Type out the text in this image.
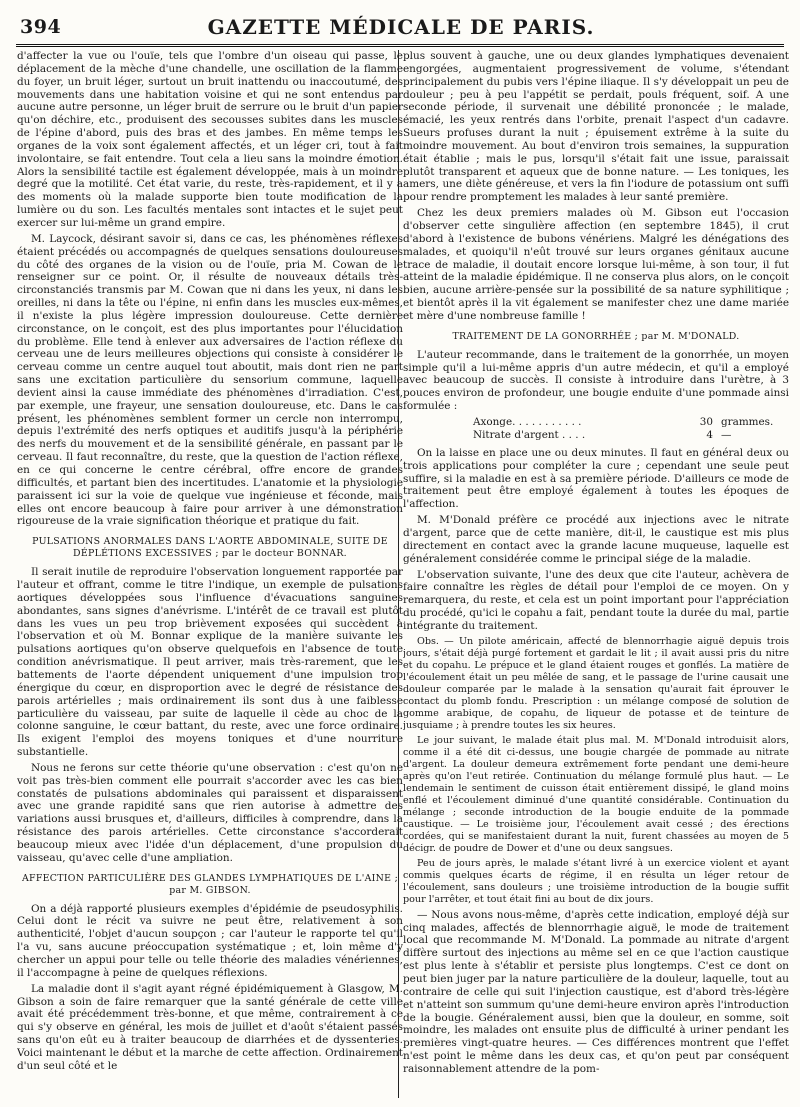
394	GAZETTE MÉDICALE DE PARIS.

d'affecter la vue ou l'ouïe, tels que l'ombre d'un oiseau qui passe, le déplacement de la mèche d'une chandelle, une oscillation de la flamme du foyer, un bruit léger, surtout un bruit inattendu ou inaccoutumé, des mouvements dans une habitation voisine et qui ne sont entendus par aucune autre personne, un léger bruit de serrure ou le bruit d'un papier qu'on déchire, etc., produisent des secousses subites dans les muscles de l'épine d'abord, puis des bras et des jambes. En même temps les organes de la voix sont également affectés, et un léger cri, tout à fait involontaire, se fait entendre. Tout cela a lieu sans la moindre émotion. Alors la sensibilité tactile est également développée, mais à un moindre degré que la motilité. Cet état varie, du reste, très-rapidement, et il y a des moments où la malade supporte bien toute modification de la lumière ou du son. Les facultés mentales sont intactes et le sujet peut exercer sur lui-même un grand empire.

M. Laycock, désirant savoir si, dans ce cas, les phénomènes réflexes étaient précédés ou accompagnés de quelques sensations douloureuses du côté des organes de la vision ou de l'ouïe, pria M. Cowan de le renseigner sur ce point. Or, il résulte de nouveaux détails très-circonstanciés transmis par M. Cowan que ni dans les yeux, ni dans les oreilles, ni dans la tête ou l'épine, ni enfin dans les muscles eux-mêmes, il n'existe la plus légère impression douloureuse. Cette dernière circonstance, on le conçoit, est des plus importantes pour l'élucidation du problème. Elle tend à enlever aux adversaires de l'action réflexe du cerveau une de leurs meilleures objections qui consiste à considérer le cerveau comme un centre auquel tout aboutit, mais dont rien ne part sans une excitation particulière du sensorium commune, laquelle devient ainsi la cause immédiate des phénomènes d'irradiation. C'est, par exemple, une frayeur, une sensation douloureuse, etc. Dans le cas présent, les phénomènes semblent former un cercle non interrompu, depuis l'extrémité des nerfs optiques et auditifs jusqu'à la périphérie des nerfs du mouvement et de la sensibilité générale, en passant par le cerveau. Il faut reconnaître, du reste, que la question de l'action réflexe, en ce qui concerne le centre cérébral, offre encore de grandes difficultés, et partant bien des incertitudes. L'anatomie et la physiologie paraissent ici sur la voie de quelque vue ingénieuse et féconde, mais elles ont encore beaucoup à faire pour arriver à une démonstration rigoureuse de la vraie signification théorique et pratique du fait.

PULSATIONS ANORMALES DANS L'AORTE ABDOMINALE, SUITE DE DÉPLÉTIONS EXCESSIVES ; par le docteur BONNAR.

Il serait inutile de reproduire l'observation longuement rapportée par l'auteur et offrant, comme le titre l'indique, un exemple de pulsations aortiques développées sous l'influence d'évacuations sanguines abondantes, sans signes d'anévrisme. L'intérêt de ce travail est plutôt dans les vues un peu trop brièvement exposées qui succèdent à l'observation et où M. Bonnar explique de la manière suivante les pulsations aortiques qu'on observe quelquefois en l'absence de toute condition anévrismatique. Il peut arriver, mais très-rarement, que les battements de l'aorte dépendent uniquement d'une impulsion trop énergique du cœur, en disproportion avec le degré de résistance des parois artérielles ; mais ordinairement ils sont dus à une faiblesse particulière du vaisseau, par suite de laquelle il cède au choc de la colonne sanguine, le cœur battant, du reste, avec une force ordinaire. Ils exigent l'emploi des moyens toniques et d'une nourriture substantielle.

Nous ne ferons sur cette théorie qu'une observation : c'est qu'on ne voit pas très-bien comment elle pourrait s'accorder avec les cas bien constatés de pulsations abdominales qui paraissent et disparaissent avec une grande rapidité sans que rien autorise à admettre des variations aussi brusques et, d'ailleurs, difficiles à comprendre, dans la résistance des parois artérielles. Cette circonstance s'accorderait beaucoup mieux avec l'idée d'un déplacement, d'une propulsion du vaisseau, qu'avec celle d'une ampliation.

AFFECTION PARTICULIÈRE DES GLANDES LYMPHATIQUES DE L'AINE ; par M. GIBSON.

On a déjà rapporté plusieurs exemples d'épidémie de pseudosyphilis. Celui dont le récit va suivre ne peut être, relativement à son authenticité, l'objet d'aucun soupçon ; car l'auteur le rapporte tel qu'il l'a vu, sans aucune préoccupation systématique ; et, loin même d'y chercher un appui pour telle ou telle théorie des maladies vénériennes, il l'accompagne à peine de quelques réflexions.

La maladie dont il s'agit ayant régné épidémiquement à Glasgow, M. Gibson a soin de faire remarquer que la santé générale de cette ville avait été précédemment très-bonne, et que même, contrairement à ce qui s'y observe en général, les mois de juillet et d'août s'étaient passés sans qu'on eût eu à traiter beaucoup de diarrhées et de dyssenteries. Voici maintenant le début et la marche de cette affection. Ordinairement d'un seul côté et le

plus souvent à gauche, une ou deux glandes lymphatiques devenaient engorgées, augmentaient progressivement de volume, s'étendant principalement du pubis vers l'épine iliaque. Il s'y développait un peu de douleur ; peu à peu l'appétit se perdait, pouls fréquent, soif. A une seconde période, il survenait une débilité prononcée ; le malade, émacié, les yeux rentrés dans l'orbite, prenait l'aspect d'un cadavre. Sueurs profuses durant la nuit ; épuisement extrême à la suite du moindre mouvement. Au bout d'environ trois semaines, la suppuration était établie ; mais le pus, lorsqu'il s'était fait une issue, paraissait plutôt transparent et aqueux que de bonne nature. — Les toniques, les amers, une diète généreuse, et vers la fin l'iodure de potassium ont suffi pour rendre promptement les malades à leur santé première.

Chez les deux premiers malades où M. Gibson eut l'occasion d'observer cette singulière affection (en septembre 1845), il crut d'abord à l'existence de bubons vénériens. Malgré les dénégations des malades, et quoiqu'il n'eût trouvé sur leurs organes génitaux aucune trace de maladie, il doutait encore lorsque lui-même, à son tour, il fut atteint de la maladie épidémique. Il ne conserva plus alors, on le conçoit bien, aucune arrière-pensée sur la possibilité de sa nature syphilitique ; et bientôt après il la vit également se manifester chez une dame mariée et mère d'une nombreuse famille !

TRAITEMENT DE LA GONORRHÉE ; par M. M'DONALD.

L'auteur recommande, dans le traitement de la gonorrhée, un moyen simple qu'il a lui-même appris d'un autre médecin, et qu'il a employé avec beaucoup de succès. Il consiste à introduire dans l'urètre, à 3 pouces environ de profondeur, une bougie enduite d'une pommade ainsi formulée :

Axonge. . . . . . . . . . .	30 grammes.
Nitrate d'argent . . . .	4 —

On la laisse en place une ou deux minutes. Il faut en général deux ou trois applications pour compléter la cure ; cependant une seule peut suffire, si la maladie en est à sa première période. D'ailleurs ce mode de traitement peut être employé également à toutes les époques de l'affection.

M. M'Donald préfère ce procédé aux injections avec le nitrate d'argent, parce que de cette manière, dit-il, le caustique est mis plus directement en contact avec la grande lacune muqueuse, laquelle est généralement considérée comme le principal siége de la maladie.

L'observation suivante, l'une des deux que cite l'auteur, achèvera de faire connaître les règles de détail pour l'emploi de ce moyen. On y remarquera, du reste, et cela est un point important pour l'appréciation du procédé, qu'ici le copahu a fait, pendant toute la durée du mal, partie intégrante du traitement.

Obs. — Un pilote américain, affecté de blennorrhagie aiguë depuis trois jours, s'était déjà purgé fortement et gardait le lit ; il avait aussi pris du nitre et du copahu. Le prépuce et le gland étaient rouges et gonflés. La matière de l'écoulement était un peu mêlée de sang, et le passage de l'urine causait une douleur comparée par le malade à la sensation qu'aurait fait éprouver le contact du plomb fondu. Prescription : un mélange composé de solution de gomme arabique, de copahu, de liqueur de potasse et de teinture de jusquiame ; à prendre toutes les six heures.

Le jour suivant, le malade était plus mal. M. M'Donald introduisit alors, comme il a été dit ci-dessus, une bougie chargée de pommade au nitrate d'argent. La douleur demeura extrêmement forte pendant une demi-heure après qu'on l'eut retirée. Continuation du mélange formulé plus haut. — Le lendemain le sentiment de cuisson était entièrement dissipé, le gland moins enflé et l'écoulement diminué d'une quantité considérable. Continuation du mélange ; seconde introduction de la bougie enduite de la pommade caustique. — Le troisième jour, l'écoulement avait cessé ; des érections cordées, qui se manifestaient durant la nuit, furent chassées au moyen de 5 décigr. de poudre de Dower et d'une ou deux sangsues.

Peu de jours après, le malade s'étant livré à un exercice violent et ayant commis quelques écarts de régime, il en résulta un léger retour de l'écoulement, sans douleurs ; une troisième introduction de la bougie suffit pour l'arrêter, et tout était fini au bout de dix jours.

— Nous avons nous-même, d'après cette indication, employé déjà sur cinq malades, affectés de blennorrhagie aiguë, le mode de traitement local que recommande M. M'Donald. La pommade au nitrate d'argent diffère surtout des injections au même sel en ce que l'action caustique est plus lente à s'établir et persiste plus longtemps. C'est ce dont on peut bien juger par la nature particulière de la douleur, laquelle, tout au contraire de celle qui suit l'injection caustique, est d'abord très-légère et n'atteint son summum qu'une demi-heure environ après l'introduction de la bougie. Généralement aussi, bien que la douleur, en somme, soit moindre, les malades ont ensuite plus de difficulté à uriner pendant les premières vingt-quatre heures. — Ces différences montrent que l'effet n'est point le même dans les deux cas, et qu'on peut par conséquent raisonnablement attendre de la pom-
